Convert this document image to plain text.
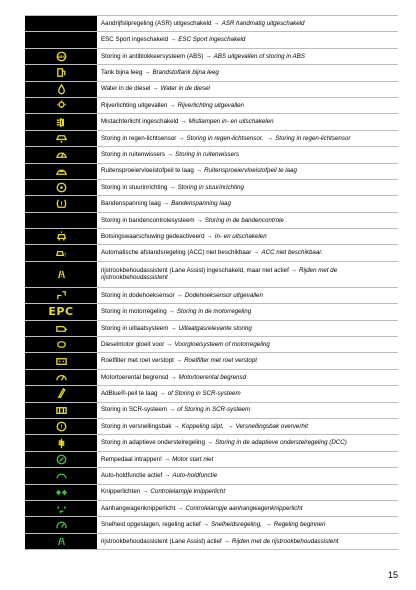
Aandrijfslipregeling (ASR) uitgeschakeld → ASR handmatig uitgeschakeld
ESC Sport ingeschakeld → ESC Sport ingeschakeld
ABS	Storing in antiblokkeersysteem (ABS) → ABS uitgevallen of storing in ABS
Tank bijna leeg → Brandstoftank bijna leeg
Water in de diesel → Water in de diesel
Rijverlichting uitgevallen → Rijverlichting uitgevallen
Mistachterlicht ingeschakeld → Mistlampen in- en uitschakelen
Storing in regen-lichtsensor → Storing in regen-lichtsensor, → Storing in regen-lichtsensor
Storing in ruitenwissers → Storing in ruitenwissers
Ruitensproeiervloeistofpeil te laag → Ruitensproeiervloeistofpeil te laag
!	Storing in stuurinrichting → Storing in stuurinrichting
!	Bandenspanning laag → Bandenspanning laag
Storing in bandencontrolesysteem → Storing in de bandencontrole
Botsingswaarschuwing gedeactiveerd → In- en uitschakelen
!	Automatische afstandsregeling (ACC) niet beschikbaar → ACC niet beschikbaar.
rijstrookbehoudassistent (Lane Assist) ingeschakeld, maar niet actief → Rijden met de rijstrookbehoudassistent
Storing in dodehoeksensor → Dodehoeksensor uitgevallen
EPC	Storing in motorregeling → Storing in de motorregeling
Storing in uitlaatsysteem → Uitlaatgasrelevante storing
Dieselmotor gloeit voor → Voorgloeisysteem of motorregeling
Roetfilter met roet verstopt → Roetfilter met roet verstopt
Motortoerental begrensd → Motortoerental begrensd
AdBlue®-peil te laag → of Storing in SCR-systeem
Storing in SCR-systeem → of Storing in SCR-systeem
!	Storing in versnellingsbak → Koppeling slipt, → Versnellingsbak oververhit
Storing in adaptieve onderstelregeling → Storing in de adaptieve onderstelregeling (DCC)
Rempedaal intrappen! → Motor start niet
Auto-holdfunctie actief → Auto-holdfunctie
Knipperlichten → Controlelampje knipperlicht
Aanhangwagenknipperlicht → Controlelampje aanhangwagenknipperlicht
Snelheid opgeslagen, regeling actief → Snelheidsregeling, → Regeling beginnen
rijstrookbehoudassistent (Lane Assist) actief → Rijden met de rijstrookbehoudassistent
15
